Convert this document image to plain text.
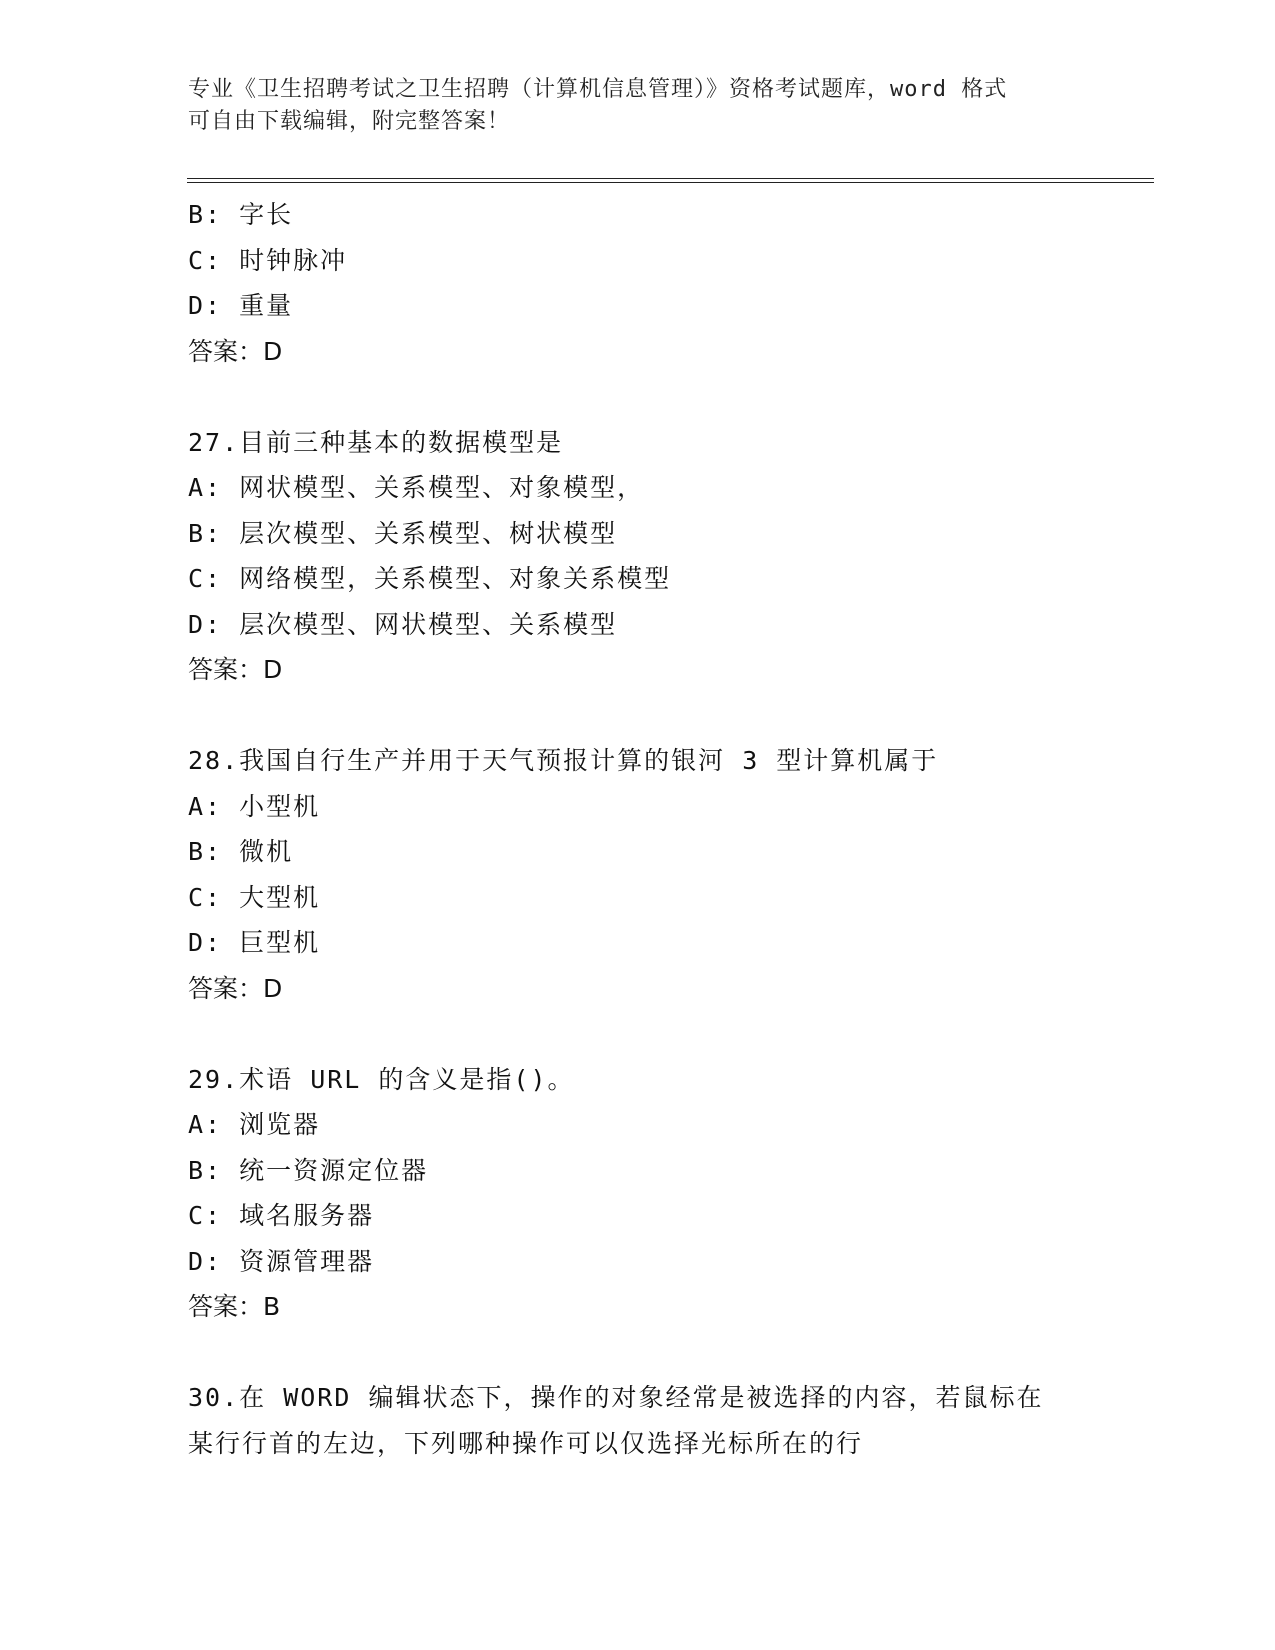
专业《卫生招聘考试之卫生招聘（计算机信息管理）》资格考试题库，word 格式
可自由下载编辑，附完整答案！
B: 字长
C: 时钟脉冲
D: 重量
答案：D
27.目前三种基本的数据模型是
A: 网状模型、关系模型、对象模型，
B: 层次模型、关系模型、树状模型
C: 网络模型，关系模型、对象关系模型
D: 层次模型、网状模型、关系模型
答案：D
28.我国自行生产并用于天气预报计算的银河 3 型计算机属于
A: 小型机
B: 微机
C: 大型机
D: 巨型机
答案：D
29.术语 URL 的含义是指()。
A: 浏览器
B: 统一资源定位器
C: 域名服务器
D: 资源管理器
答案：B
30.在 WORD 编辑状态下，操作的对象经常是被选择的内容，若鼠标在
某行行首的左边，下列哪种操作可以仅选择光标所在的行
